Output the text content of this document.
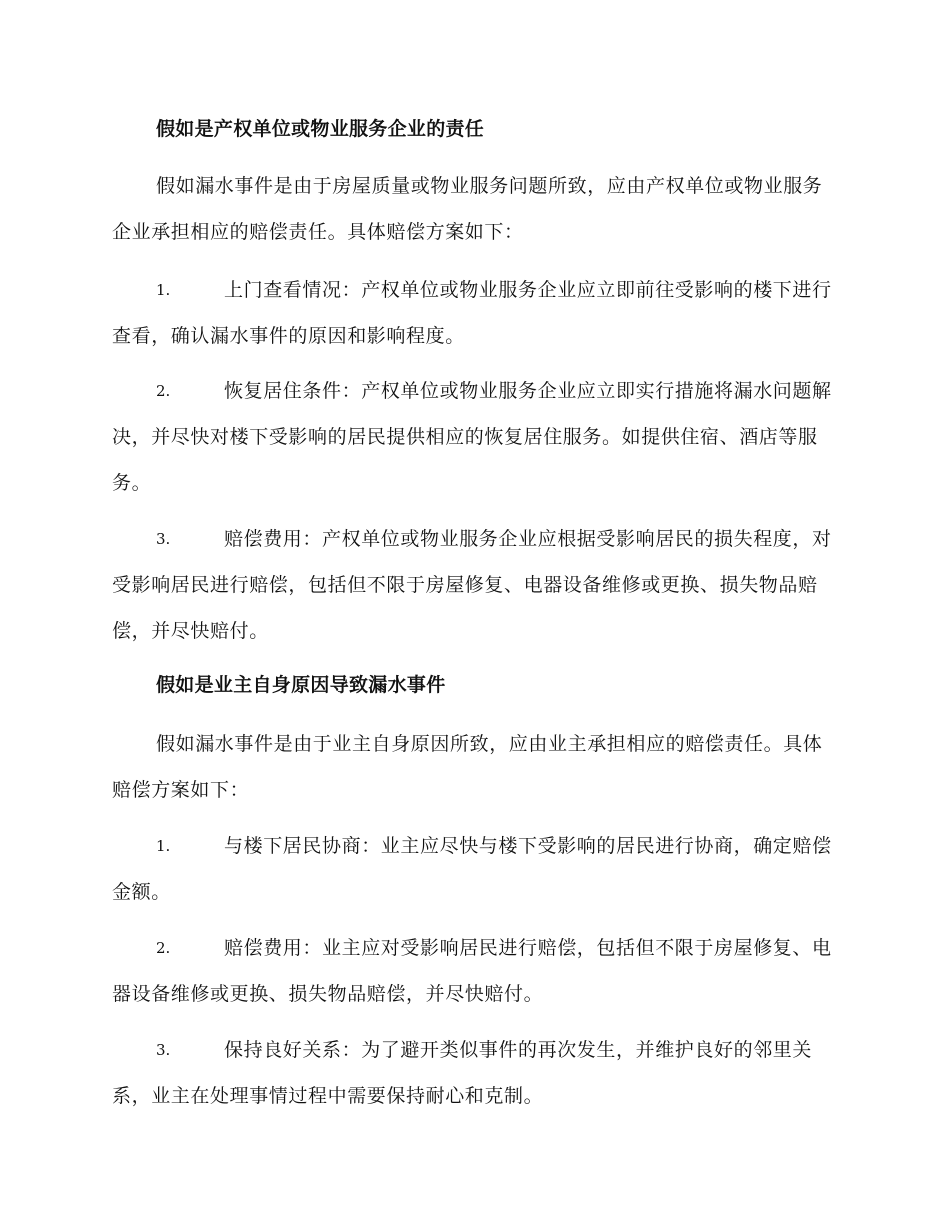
假如是产权单位或物业服务企业的责任
假如漏水事件是由于房屋质量或物业服务问题所致，应由产权单位或物业服务企业承担相应的赔偿责任。具体赔偿方案如下：
1.	上门查看情况：产权单位或物业服务企业应立即前往受影响的楼下进行查看，确认漏水事件的原因和影响程度。
2.	恢复居住条件：产权单位或物业服务企业应立即实行措施将漏水问题解决，并尽快对楼下受影响的居民提供相应的恢复居住服务。如提供住宿、酒店等服务。
3.	赔偿费用：产权单位或物业服务企业应根据受影响居民的损失程度，对受影响居民进行赔偿，包括但不限于房屋修复、电器设备维修或更换、损失物品赔偿，并尽快赔付。
假如是业主自身原因导致漏水事件
假如漏水事件是由于业主自身原因所致，应由业主承担相应的赔偿责任。具体赔偿方案如下：
1.	与楼下居民协商：业主应尽快与楼下受影响的居民进行协商，确定赔偿金额。
2.	赔偿费用：业主应对受影响居民进行赔偿，包括但不限于房屋修复、电器设备维修或更换、损失物品赔偿，并尽快赔付。
3.	保持良好关系：为了避开类似事件的再次发生，并维护良好的邻里关系，业主在处理事情过程中需要保持耐心和克制。
